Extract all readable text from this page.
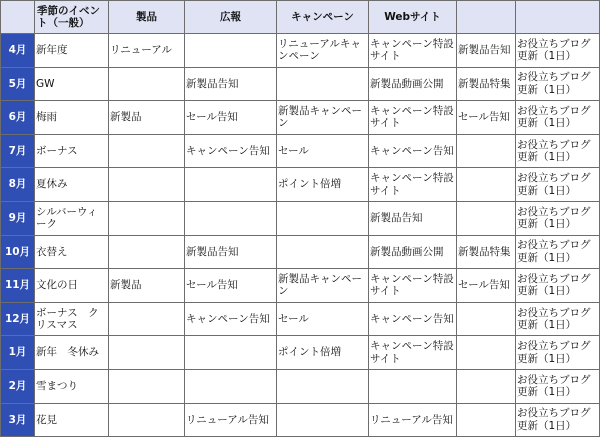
	季節のイベント（一般）	製品	広報	キャンペーン	Webサイト		
4月	新年度	リニューアル		リニューアルキャンペーン	キャンペーン特設サイト	新製品告知	お役立ちブログ更新（1日）
5月	GW		新製品告知		新製品動画公開	新製品特集	お役立ちブログ更新（1日）
6月	梅雨	新製品	セール告知	新製品キャンペーン	キャンペーン特設サイト	セール告知	お役立ちブログ更新（1日）
7月	ボーナス		キャンペーン告知	セール	キャンペーン告知		お役立ちブログ更新（1日）
8月	夏休み			ポイント倍増	キャンペーン特設サイト		お役立ちブログ更新（1日）
9月	シルバーウィーク				新製品告知		お役立ちブログ更新（1日）
10月	衣替え		新製品告知		新製品動画公開	新製品特集	お役立ちブログ更新（1日）
11月	文化の日	新製品	セール告知	新製品キャンペーン	キャンペーン特設サイト	セール告知	お役立ちブログ更新（1日）
12月	ボーナス　クリスマス		キャンペーン告知	セール	キャンペーン告知		お役立ちブログ更新（1日）
1月	新年　冬休み			ポイント倍増	キャンペーン特設サイト		お役立ちブログ更新（1日）
2月	雪まつり						お役立ちブログ更新（1日）
3月	花見		リニューアル告知		リニューアル告知		お役立ちブログ更新（1日）
